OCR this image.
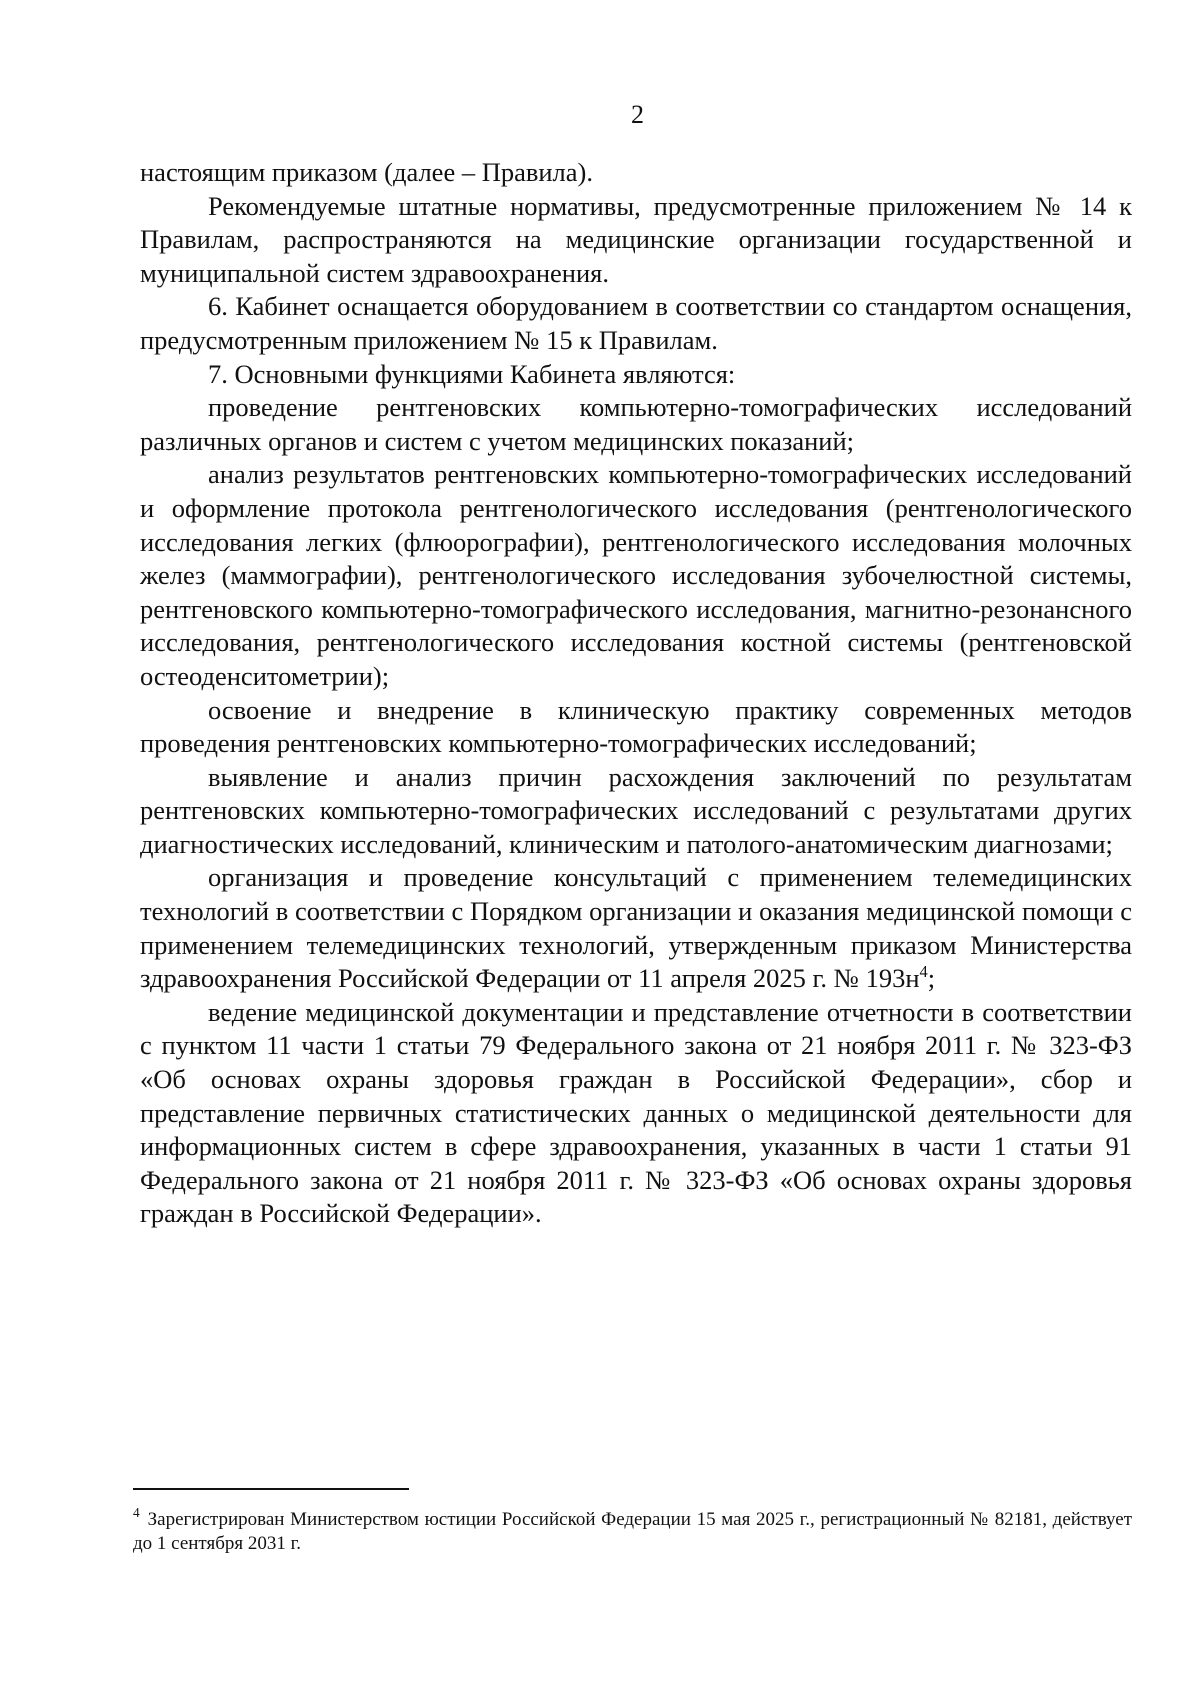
2

настоящим приказом (далее – Правила).

Рекомендуемые штатные нормативы, предусмотренные приложением № 14 к Правилам, распространяются на медицинские организации государственной и муниципальной систем здравоохранения.

6. Кабинет оснащается оборудованием в соответствии со стандартом оснащения, предусмотренным приложением № 15 к Правилам.

7. Основными функциями Кабинета являются:

проведение рентгеновских компьютерно-томографических исследований различных органов и систем с учетом медицинских показаний;

анализ результатов рентгеновских компьютерно-томографических исследований и оформление протокола рентгенологического исследования (рентгенологического исследования легких (флюорографии), рентгенологического исследования молочных желез (маммографии), рентгенологического исследования зубочелюстной системы, рентгеновского компьютерно-томографического исследования, магнитно-резонансного исследования, рентгенологического исследования костной системы (рентгеновской остеоденситометрии);

освоение и внедрение в клиническую практику современных методов проведения рентгеновских компьютерно-томографических исследований;

выявление и анализ причин расхождения заключений по результатам рентгеновских компьютерно-томографических исследований с результатами других диагностических исследований, клиническим и патолого-анатомическим диагнозами;

организация и проведение консультаций с применением телемедицинских технологий в соответствии с Порядком организации и оказания медицинской помощи с применением телемедицинских технологий, утвержденным приказом Министерства здравоохранения Российской Федерации от 11 апреля 2025 г. № $193н^4$;

ведение медицинской документации и представление отчетности в соответствии с пунктом 11 части 1 статьи 79 Федерального закона от 21 ноября 2011 г. № 323-ФЗ «Об основах охраны здоровья граждан в Российской Федерации», сбор и представление первичных статистических данных о медицинской деятельности для информационных систем в сфере здравоохранения, указанных в части 1 статьи 91 Федерального закона от 21 ноября 2011 г. № 323-ФЗ «Об основах охраны здоровья граждан в Российской Федерации».

$^4$ Зарегистрирован Министерством юстиции Российской Федерации 15 мая 2025 г., регистрационный № 82181, действует до 1 сентября 2031 г.
